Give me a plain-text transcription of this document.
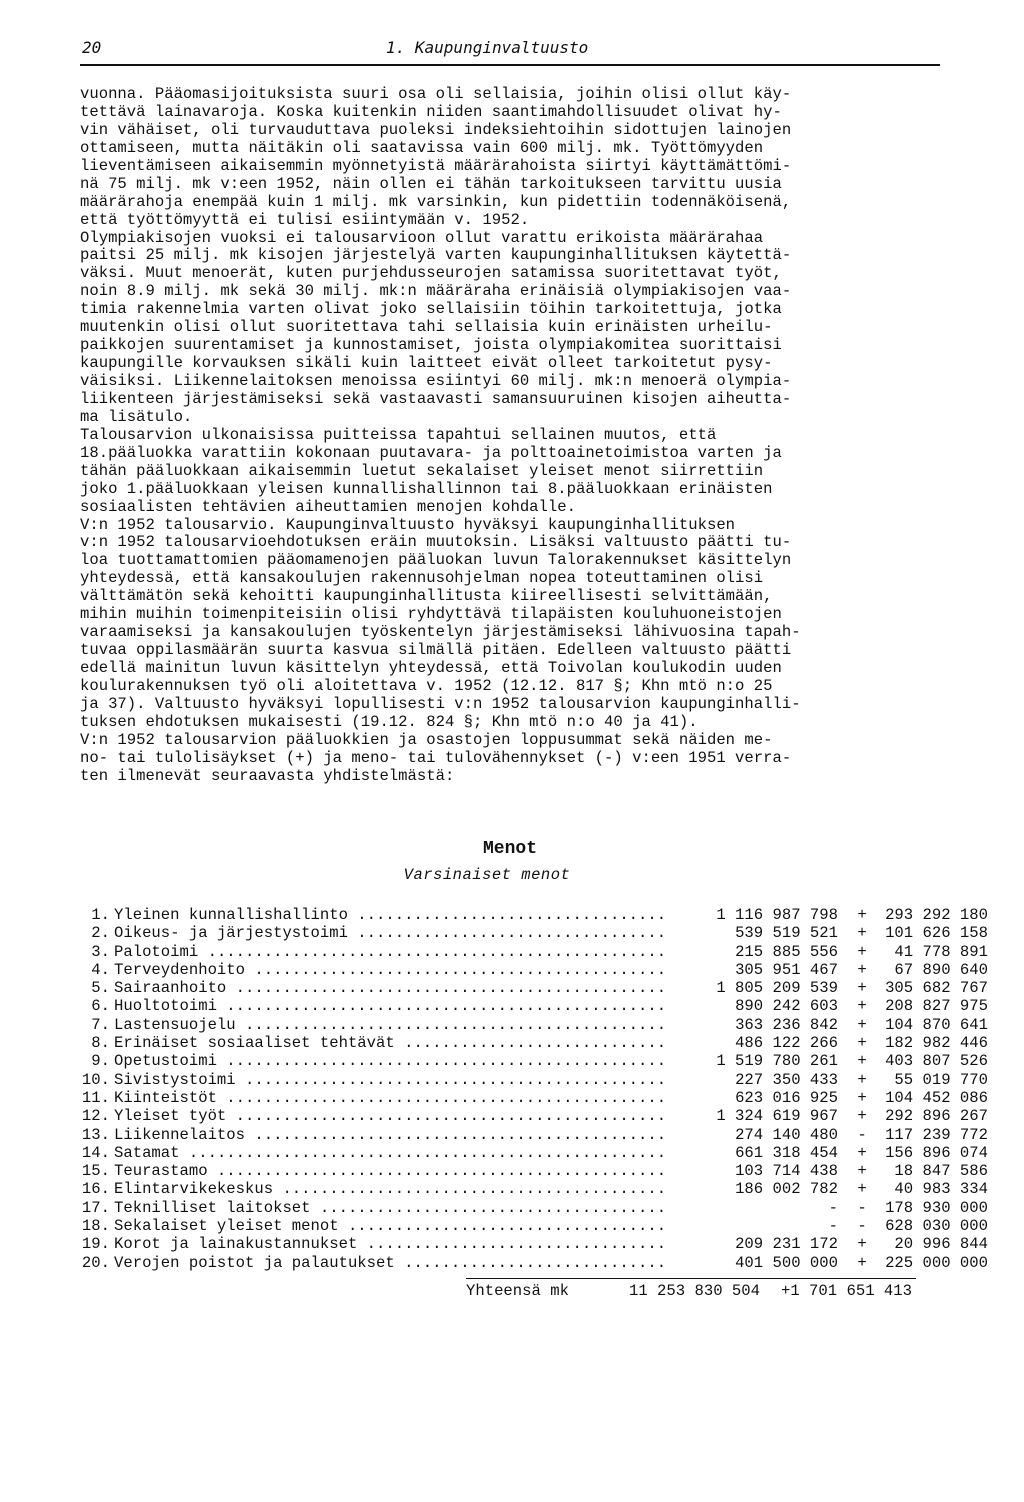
20	1. Kaupunginvaltuusto
vuonna. Pääomasijoituksista suuri osa oli sellaisia, joihin olisi ollut käy-
tettävä lainavaroja. Koska kuitenkin niiden saantimahdollisuudet olivat hy-
vin vähäiset, oli turvauduttava puoleksi indeksiehtoihin sidottujen lainojen
ottamiseen, mutta näitäkin oli saatavissa vain 600 milj. mk. Työttömyyden
lieventämiseen aikaisemmin myönnetyistä määrärahoista siirtyi käyttämättömi-
nä 75 milj. mk v:een 1952, näin ollen ei tähän tarkoitukseen tarvittu uusia
määrärahoja enempää kuin 1 milj. mk varsinkin, kun pidettiin todennäköisenä,
että työttömyyttä ei tulisi esiintymään v. 1952.
Olympiakisojen vuoksi ei talousarvioon ollut varattu erikoista määrärahaa
paitsi 25 milj. mk kisojen järjestelyä varten kaupunginhallituksen käytettä-
väksi. Muut menoerät, kuten purjehdusseurojen satamissa suoritettavat työt,
noin 8.9 milj. mk sekä 30 milj. mk:n määräraha erinäisiä olympiakisojen vaa-
timia rakennelmia varten olivat joko sellaisiin töihin tarkoitettuja, jotka
muutenkin olisi ollut suoritettava tahi sellaisia kuin erinäisten urheilu-
paikkojen suurentamiset ja kunnostamiset, joista olympiakomitea suorittaisi
kaupungille korvauksen sikäli kuin laitteet eivät olleet tarkoitetut pysy-
väisiksi. Liikennelaitoksen menoissa esiintyi 60 milj. mk:n menoerä olympia-
liikenteen järjestämiseksi sekä vastaavasti samansuuruinen kisojen aiheutta-
ma lisätulo.
Talousarvion ulkonaisissa puitteissa tapahtui sellainen muutos, että
18.pääluokka varattiin kokonaan puutavara- ja polttoainetoimistoa varten ja
tähän pääluokkaan aikaisemmin luetut sekalaiset yleiset menot siirrettiin
joko 1.pääluokkaan yleisen kunnallishallinnon tai 8.pääluokkaan erinäisten
sosiaalisten tehtävien aiheuttamien menojen kohdalle.
V:n 1952 talousarvio. Kaupunginvaltuusto hyväksyi kaupunginhallituksen
v:n 1952 talousarvioehdotuksen eräin muutoksin. Lisäksi valtuusto päätti tu-
loa tuottamattomien pääomamenojen pääluokan luvun Talorakennukset käsittelyn
yhteydessä, että kansakoulujen rakennusohjelman nopea toteuttaminen olisi
välttämätön sekä kehoitti kaupunginhallitusta kiireellisesti selvittämään,
mihin muihin toimenpiteisiin olisi ryhdyttävä tilapäisten kouluhuoneistojen
varaamiseksi ja kansakoulujen työskentelyn järjestämiseksi lähivuosina tapah-
tuvaa oppilasmäärän suurta kasvua silmällä pitäen. Edelleen valtuusto päätti
edellä mainitun luvun käsittelyn yhteydessä, että Toivolan koulukodin uuden
koulurakennuksen työ oli aloitettava v. 1952 (12.12. 817 §; Khn mtö n:o 25
ja 37). Valtuusto hyväksyi lopullisesti v:n 1952 talousarvion kaupunginhalli-
tuksen ehdotuksen mukaisesti (19.12. 824 §; Khn mtö n:o 40 ja 41).
V:n 1952 talousarvion pääluokkien ja osastojen loppusummat sekä näiden me-
no- tai tulolisäykset (+) ja meno- tai tulovähennykset (-) v:een 1951 verra-
ten ilmenevät seuraavasta yhdistelmästä:
Menot
Varsinaiset menot
1. Yleinen kunnallishallinto .....	1 116 987 798	+	293 292 180
2. Oikeus- ja järjestystoimi .....	539 519 521	+	101 626 158
3. Palotoimi .....	215 885 556	+	41 778 891
4. Terveydenhoito .....	305 951 467	+	67 890 640
5. Sairaanhoito .....	1 805 209 539	+	305 682 767
6. Huoltotoimi .....	890 242 603	+	208 827 975
7. Lastensuojelu .....	363 236 842	+	104 870 641
8. Erinäiset sosiaaliset tehtävät .....	486 122 266	+	182 982 446
9. Opetustoimi .....	1 519 780 261	+	403 807 526
10. Sivistystoimi .....	227 350 433	+	55 019 770
11. Kiinteistöt .....	623 016 925	+	104 452 086
12. Yleiset työt .....	1 324 619 967	+	292 896 267
13. Liikennelaitos .....	274 140 480	-	117 239 772
14. Satamat .....	661 318 454	+	156 896 074
15. Teurastamo .....	103 714 438	+	18 847 586
16. Elintarvikekeskus .....	186 002 782	+	40 983 334
17. Teknilliset laitokset .....	-	-	178 930 000
18. Sekalaiset yleiset menot .....	-	-	628 030 000
19. Korot ja lainakustannukset .....	209 231 172	+	20 996 844
20. Verojen poistot ja palautukset .....	401 500 000	+	225 000 000
Yhteensä mk	11 253 830 504	+1 701 651 413
